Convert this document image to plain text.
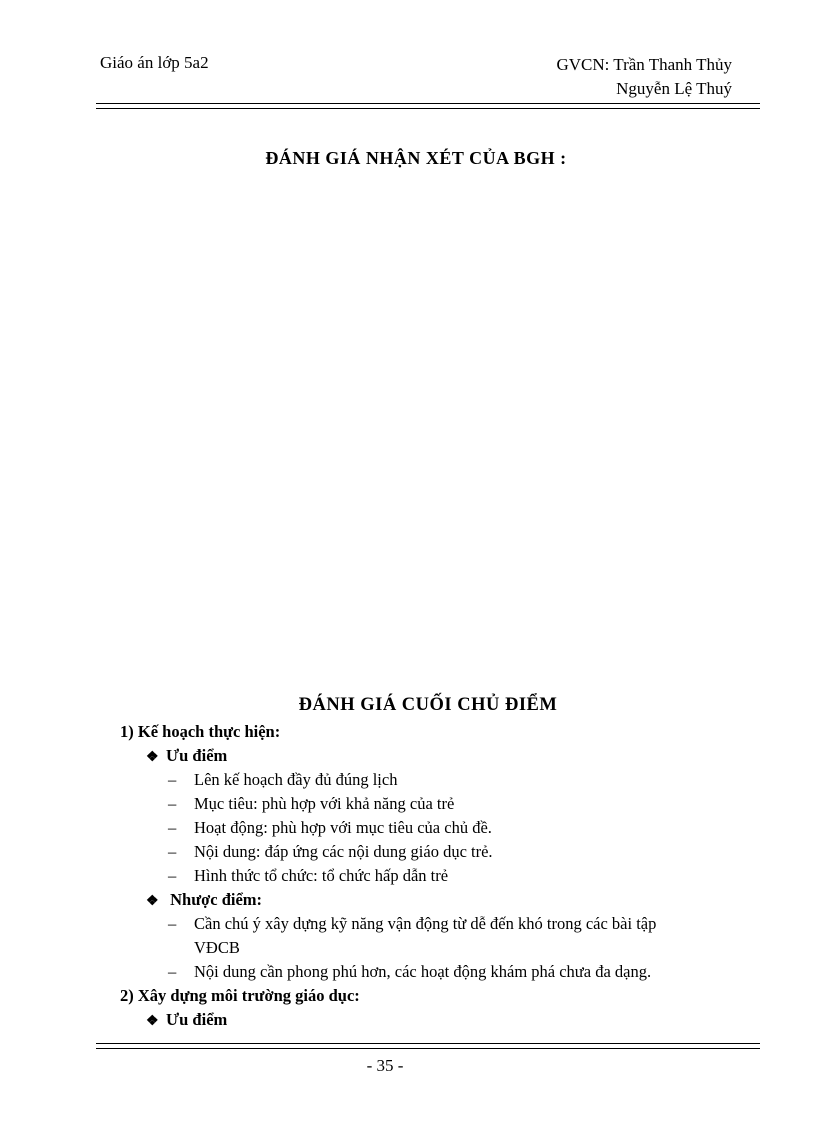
Giáo án lớp 5a2	GVCN: Trần Thanh Thủy
Nguyễn Lệ Thuý
ĐÁNH GIÁ NHẬN XÉT CỦA BGH :
ĐÁNH GIÁ CUỐI CHỦ ĐIỂM
1) Kế hoạch thực hiện:
❖ Ưu điểm
– Lên kế hoạch đầy đủ đúng lịch
– Mục tiêu: phù hợp với khả năng của trẻ
– Hoạt động: phù hợp với mục tiêu của chủ đề.
– Nội dung: đáp ứng các nội dung giáo dục trẻ.
– Hình thức tổ chức: tổ chức hấp dẫn trẻ
❖ Nhược điểm:
– Cần chú ý xây dựng kỹ năng vận động từ dễ đến khó trong các bài tập
VĐCB
– Nội dung cần phong phú hơn, các hoạt động khám phá chưa đa dạng.
2) Xây dựng môi trường giáo dục:
❖ Ưu điểm
- 35 -
